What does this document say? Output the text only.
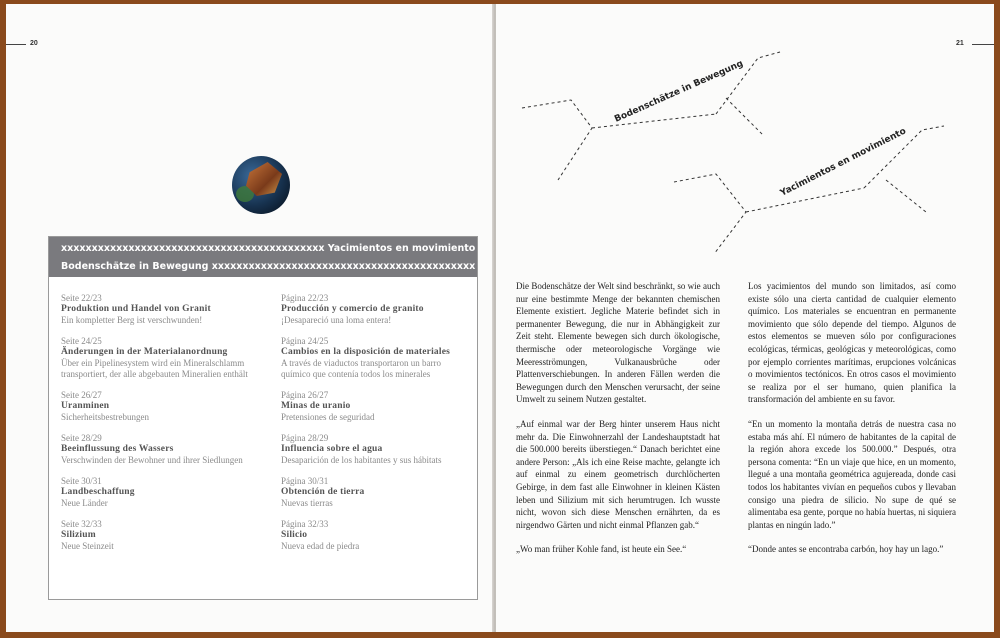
20
xxxxxxxxxxxxxxxxxxxxxxxxxxxxxxxxxxxxxxxxxxx Yacimientos en movimiento
Bodenschätze in Bewegung xxxxxxxxxxxxxxxxxxxxxxxxxxxxxxxxxxxxxxxxxxx
Seite 22/23
Produktion und Handel von Granit
Ein kompletter Berg ist verschwunden!
Seite 24/25
Änderungen in der Materialanordnung
Über ein Pipelinesystem wird ein Mineralschlamm transportiert, der alle abgebauten Mineralien enthält
Seite 26/27
Uranminen
Sicherheitsbestrebungen
Seite 28/29
Beeinflussung des Wassers
Verschwinden der Bewohner und ihrer Siedlungen
Seite 30/31
Landbeschaffung
Neue Länder
Seite 32/33
Silizium
Neue Steinzeit
Página 22/23
Producción y comercio de granito
¡Desapareció una loma entera!
Página 24/25
Cambios en la disposición de materiales
A través de viaductos transportaron un barro químico que contenía todos los minerales
Página 26/27
Minas de uranio
Pretensiones de seguridad
Página 28/29
Influencia sobre el agua
Desaparición de los habitantes y sus hábitats
Página 30/31
Obtención de tierra
Nuevas tierras
Página 32/33
Silicio
Nueva edad de piedra
21
Bodenschätze in Bewegung
Yacimientos en movimiento

Die Bodenschätze der Welt sind beschränkt, so wie auch nur eine bestimmte Menge der bekannten chemischen Elemente existiert. Jegliche Materie befindet sich in permanenter Bewegung, die nur in Abhängigkeit zur Zeit steht. Elemente bewegen sich durch ökologische, thermische oder meteorologische Vorgänge wie Meeresströmungen, Vulkanausbrüche oder Plattenverschiebungen. In anderen Fällen werden die Bewegungen durch den Menschen verursacht, der seine Umwelt zu seinem Nutzen gestaltet.

„Auf einmal war der Berg hinter unserem Haus nicht mehr da. Die Einwohnerzahl der Landeshauptstadt hat die 500.000 bereits überstiegen.“ Danach berichtet eine andere Person: „Als ich eine Reise machte, gelangte ich auf einmal zu einem geometrisch durchlöcherten Gebirge, in dem fast alle Einwohner in kleinen Kästen leben und Silizium mit sich herumtrugen. Ich wusste nicht, wovon sich diese Menschen ernährten, da es nirgendwo Gärten und nicht einmal Pflanzen gab.“

„Wo man früher Kohle fand, ist heute ein See.“

Los yacimientos del mundo son limitados, así como existe sólo una cierta cantidad de cualquier elemento químico. Los materiales se encuentran en permanente movimiento que sólo depende del tiempo. Algunos de estos elementos se mueven sólo por configuraciones ecológicas, térmicas, geológicas y meteorológicas, como por ejemplo corrientes marítimas, erupciones volcánicas o movimientos tectónicos. En otros casos el movimiento se realiza por el ser humano, quien planifica la transformación del ambiente en su favor.

“En un momento la montaña detrás de nuestra casa no estaba más ahí. El número de habitantes de la capital de la región ahora excede los 500.000.” Después, otra persona comenta: “En un viaje que hice, en un momento, llegué a una montaña geométrica agujereada, donde casi todos los habitantes vivían en pequeños cubos y llevaban consigo una piedra de silicio. No supe de qué se alimentaba esa gente, porque no había huertas, ni siquiera plantas en ningún lado.”

“Donde antes se encontraba carbón, hoy hay un lago.”
